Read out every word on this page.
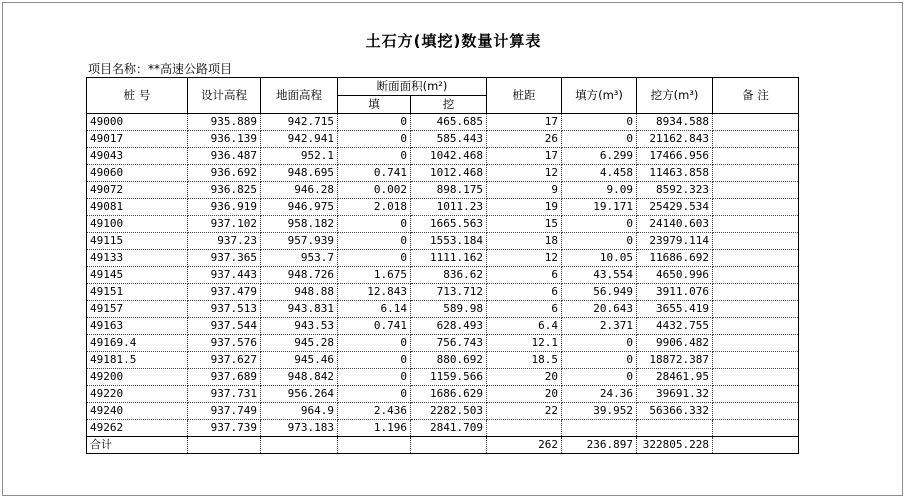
土石方(填挖)数量计算表
项目名称：**高速公路项目
桩 号	设计高程	地面高程	断面面积(m²)		桩距	填方(m³)	挖方(m³)	备 注
			填	挖				
49000	935.889	942.715	0	465.685	17	0	8934.588	
49017	936.139	942.941	0	585.443	26	0	21162.843	
49043	936.487	952.1	0	1042.468	17	6.299	17466.956	
49060	936.692	948.695	0.741	1012.468	12	4.458	11463.858	
49072	936.825	946.28	0.002	898.175	9	9.09	8592.323	
49081	936.919	946.975	2.018	1011.23	19	19.171	25429.534	
49100	937.102	958.182	0	1665.563	15	0	24140.603	
49115	937.23	957.939	0	1553.184	18	0	23979.114	
49133	937.365	953.7	0	1111.162	12	10.05	11686.692	
49145	937.443	948.726	1.675	836.62	6	43.554	4650.996	
49151	937.479	948.88	12.843	713.712	6	56.949	3911.076	
49157	937.513	943.831	6.14	589.98	6	20.643	3655.419	
49163	937.544	943.53	0.741	628.493	6.4	2.371	4432.755	
49169.4	937.576	945.28	0	756.743	12.1	0	9906.482	
49181.5	937.627	945.46	0	880.692	18.5	0	18872.387	
49200	937.689	948.842	0	1159.566	20	0	28461.95	
49220	937.731	956.264	0	1686.629	20	24.36	39691.32	
49240	937.749	964.9	2.436	2282.503	22	39.952	56366.332	
49262	937.739	973.183	1.196	2841.709				
合计					262	236.897	322805.228	
